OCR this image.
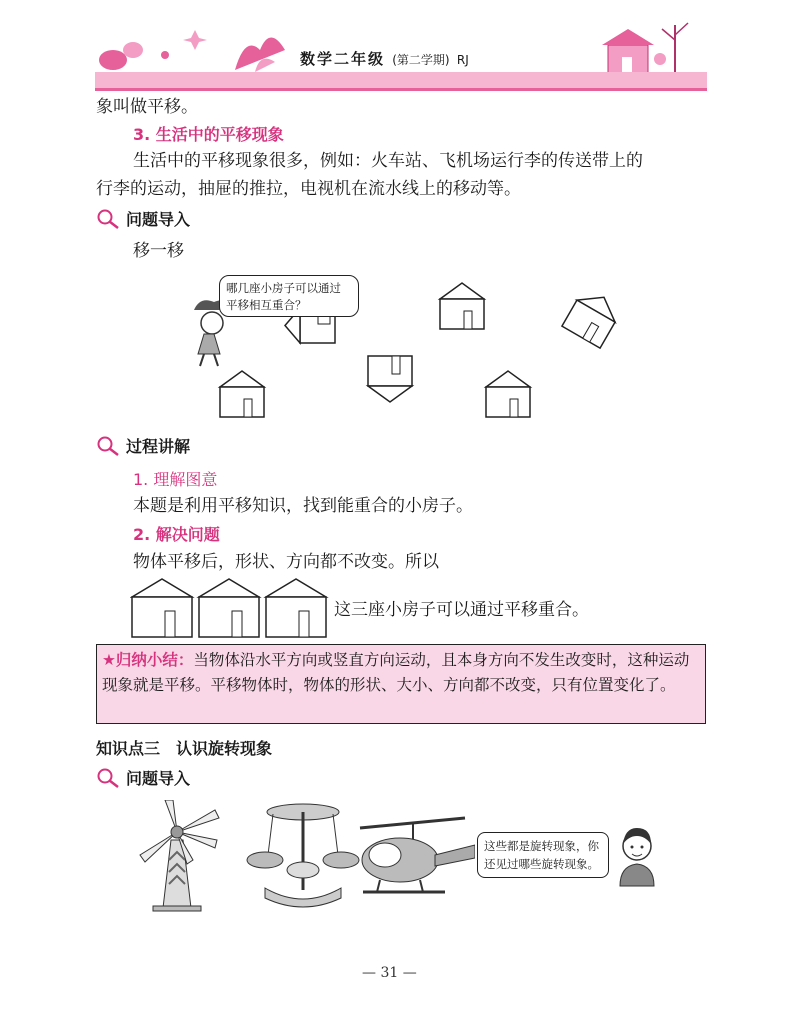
数学二年级 (第二学期) RJ
象叫做平移。
3. 生活中的平移现象
生活中的平移现象很多，例如：火车站、飞机场运行李的传送带上的
行李的运动，抽屉的推拉，电视机在流水线上的移动等。
问题导入
移一移
哪几座小房子可以通过平移相互重合？
过程讲解
1. 理解图意
本题是利用平移知识，找到能重合的小房子。
2. 解决问题
物体平移后，形状、方向都不改变。所以
这三座小房子可以通过平移重合。
★归纳小结：当物体沿水平方向或竖直方向运动，且本身方向不发生改变时，这种运动现象就是平移。平移物体时，物体的形状、大小、方向都不改变，只有位置变化了。
知识点三　认识旋转现象
问题导入
这些都是旋转现象，你还见过哪些旋转现象。
— 31 —
